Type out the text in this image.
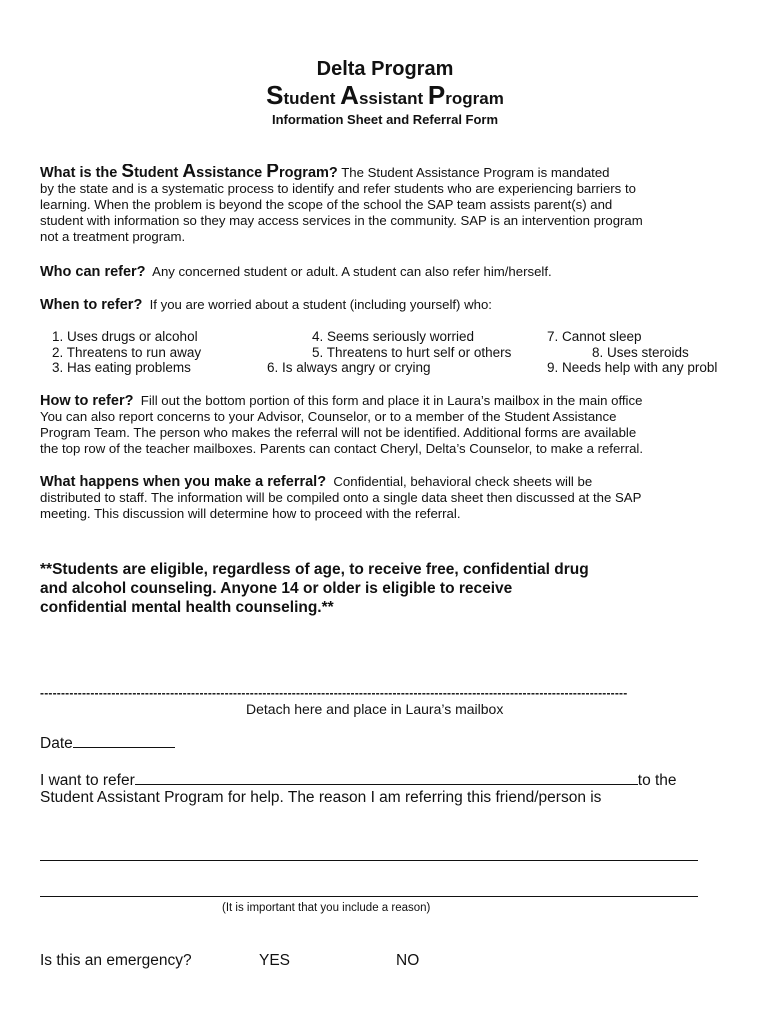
Delta Program
Student Assistant Program
Information Sheet and Referral Form
What is the Student Assistance Program? The Student Assistance Program is mandated
by the state and is a systematic process to identify and refer students who are experiencing barriers to
learning. When the problem is beyond the scope of the school the SAP team assists parent(s) and
student with information so they may access services in the community. SAP is an intervention program
not a treatment program.
Who can refer? Any concerned student or adult. A student can also refer him/herself.
When to refer? If you are worried about a student (including yourself) who:
1. Uses drugs or alcohol
2. Threatens to run away
3. Has eating problems
4. Seems seriously worried
5. Threatens to hurt self or others
6. Is always angry or crying
7. Cannot sleep
8. Uses steroids
9. Needs help with any probl
How to refer? Fill out the bottom portion of this form and place it in Laura’s mailbox in the main office
You can also report concerns to your Advisor, Counselor, or to a member of the Student Assistance
Program Team. The person who makes the referral will not be identified. Additional forms are available
the top row of the teacher mailboxes. Parents can contact Cheryl, Delta’s Counselor, to make a referral.
What happens when you make a referral? Confidential, behavioral check sheets will be
distributed to staff. The information will be compiled onto a single data sheet then discussed at the SAP
meeting. This discussion will determine how to proceed with the referral.
**Students are eligible, regardless of age, to receive free, confidential drug
and alcohol counseling. Anyone 14 or older is eligible to receive
confidential mental health counseling.**
--------------------------------------------------------------------------------------------------------------------------------------------
Detach here and place in Laura’s mailbox
Date
I want to refer	to the
Student Assistant Program for help. The reason I am referring this friend/person is
(It is important that you include a reason)
Is this an emergency?	YES	NO
